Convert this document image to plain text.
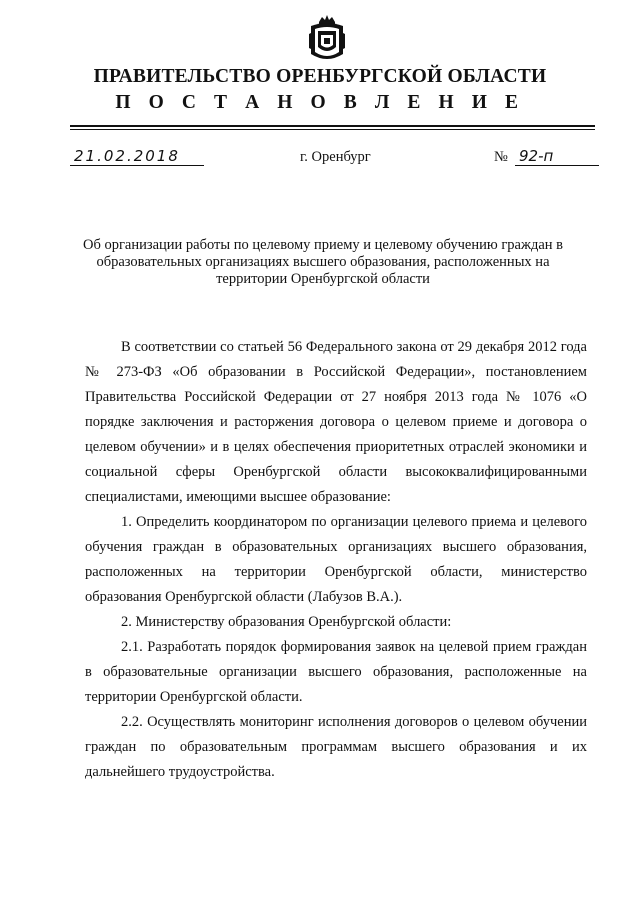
ПРАВИТЕЛЬСТВО ОРЕНБУРГСКОЙ ОБЛАСТИ
П О С Т А Н О В Л Е Н И Е
21.02.2018	г. Оренбург	№ 92-п
Об организации работы по целевому приему и целевому обучению граждан в образовательных организациях высшего образования, расположенных на территории Оренбургской области

В соответствии со статьей 56 Федерального закона от 29 декабря 2012 года № 273-ФЗ «Об образовании в Российской Федерации», постановлением Правительства Российской Федерации от 27 ноября 2013 года № 1076 «О порядке заключения и расторжения договора о целевом приеме и договора о целевом обучении» и в целях обеспечения приоритетных отраслей экономики и социальной сферы Оренбургской области высококвалифицированными специалистами, имеющими высшее образование:

1. Определить координатором по организации целевого приема и целевого обучения граждан в образовательных организациях высшего образования, расположенных на территории Оренбургской области, министерство образования Оренбургской области (Лабузов В.А.).

2. Министерству образования Оренбургской области:

2.1. Разработать порядок формирования заявок на целевой прием граждан в образовательные организации высшего образования, расположенные на территории Оренбургской области.

2.2. Осуществлять мониторинг исполнения договоров о целевом обучении граждан по образовательным программам высшего образования и их дальнейшего трудоустройства.
